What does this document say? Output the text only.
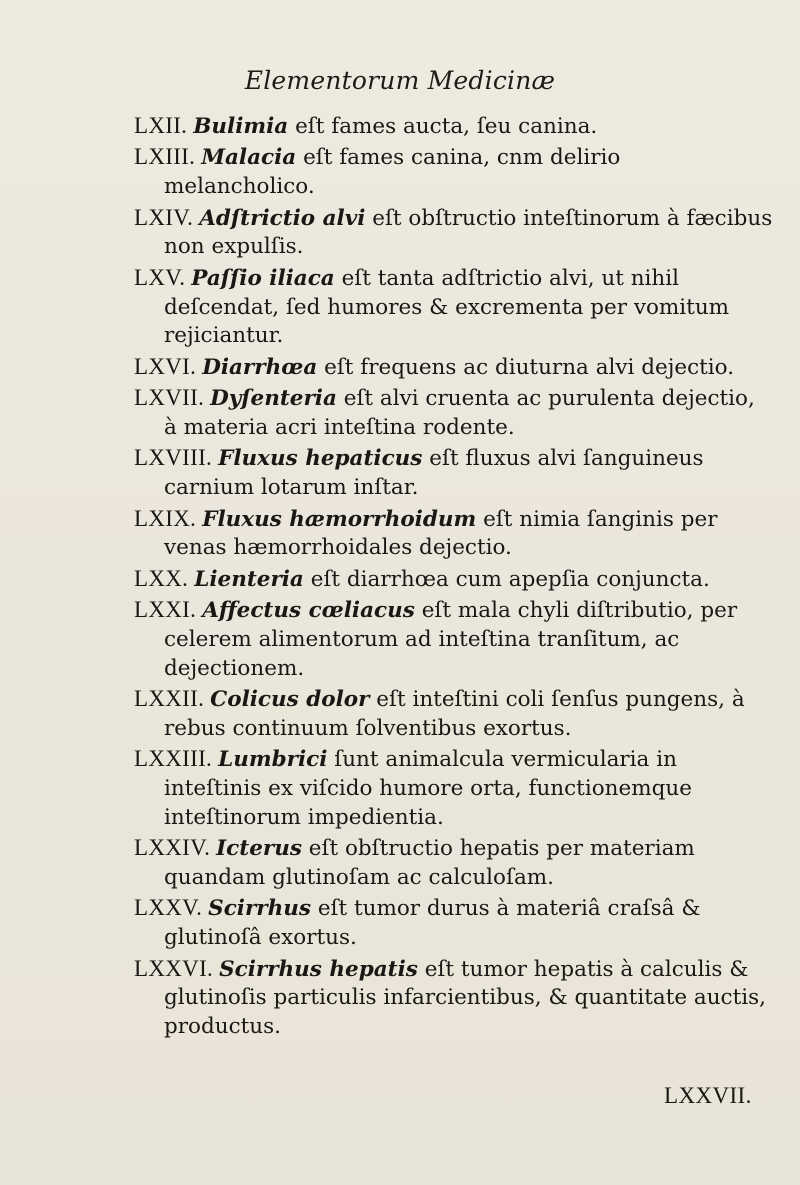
Elementorum Medicinæ

LXII. Bulimia eſt fames aucta, ſeu canina.

LXIII. Malacia eſt fames canina, cnm delirio melancholico.

LXIV. Adſtrictio alvi eſt obſtructio inteſtinorum à fæcibus non expulſis.

LXV. Paſſio iliaca eſt tanta adſtrictio alvi, ut nihil deſcendat, ſed humores & excrementa per vomitum rejiciantur.

LXVI. Diarrhœa eſt frequens ac diuturna alvi dejectio.

LXVII. Dyſenteria eſt alvi cruenta ac purulenta dejectio, à materia acri inteſtina rodente.

LXVIII. Fluxus hepaticus eſt fluxus alvi ſanguineus carnium lotarum inſtar.

LXIX. Fluxus hæmorrhoidum eſt nimia ſanginis per venas hæmorrhoidales dejectio.

LXX. Lienteria eſt diarrhœa cum apepſia conjuncta.

LXXI. Affectus cœliacus eſt mala chyli diſtributio, per celerem alimentorum ad inteſtina tranſitum, ac dejectionem.

LXXII. Colicus dolor eſt inteſtini coli ſenſus pungens, à rebus continuum ſolventibus exortus.

LXXIII. Lumbrici ſunt animalcula vermicularia in inteſtinis ex viſcido humore orta, functionemque inteſtinorum impedientia.

LXXIV. Icterus eſt obſtructio hepatis per materiam quandam glutinoſam ac calculoſam.

LXXV. Scirrhus eſt tumor durus à materiâ craſsâ & glutinoſâ exortus.

LXXVI. Scirrhus hepatis eſt tumor hepatis à calculis & glutinoſis particulis infarcientibus, & quantitate auctis, productus.

LXXVII.
